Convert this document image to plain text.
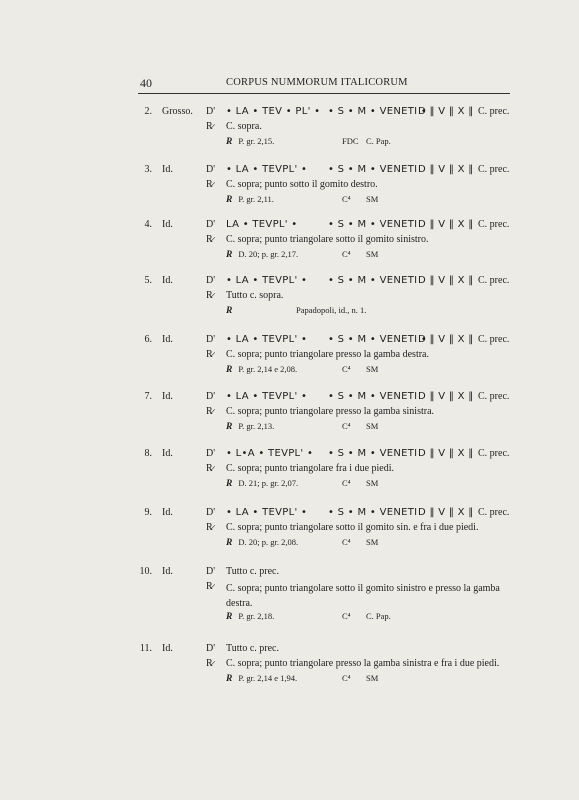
40	CORPUS NUMMORUM ITALICORUM
2. Grosso. D' • LA • TEV • PL' • • S • M • VENETI •D ‖ V ‖ X ‖ C. prec.
R̷ C. sopra.
R P. gr. 2,15.	FDC C. Pap.
3. Id.	D' • LA • TEVPL' • • S • M • VENETID ‖ V ‖ X ‖ C. prec.
R̷ C. sopra; punto sotto il gomito destro.
R P. gr. 2,11.	C⁴ SM
4. Id.	D' LA • TEVPL' •	• S • M • VENETID ‖ V ‖ X ‖ C. prec.
R̷ C. sopra; punto triangolare sotto il gomito sinistro.
R D. 20; p. gr. 2,17.	C⁴ SM
5. Id.	D' • LA • TEVPL' • • S • M • VENETID ‖ V ‖ X ‖ C. prec.
R̷ Tutto c. sopra.
R	Papadopoli, id., n. 1.
6. Id.	D' • LA • TEVPL' • • S • M • VENETI •D ‖ V ‖ X ‖ C. prec.
R̷ C. sopra; punto triangolare presso la gamba destra.
R P. gr. 2,14 e 2,08.	C⁴ SM
7. Id.	D' • LA • TEVPL' • • S • M • VENETID ‖ V ‖ X ‖ C. prec.
R̷ C. sopra; punto triangolare presso la gamba sinistra.
R P. gr. 2,13.	C⁴ SM
8. Id.	D' • L•A • TEVPL' • • S • M • VENETID ‖ V ‖ X ‖ C. prec.
R̷ C. sopra; punto triangolare fra i due piedi.
R D. 21; p. gr. 2,07.	C⁴ SM
9. Id.	D' • LA • TEVPL' • • S • M • VENETID ‖ V ‖ X ‖ C. prec.
R̷ C. sopra; punto triangolare sotto il gomito sin. e fra i due piedi.
R D. 20; p. gr. 2,08.	C⁴ SM
10. Id.	D' Tutto c. prec.
R̷ C. sopra; punto triangolare sotto il gomito sinistro e presso la gamba destra.
R P. gr. 2,18.	C⁴ C. Pap.
11. Id.	D' Tutto c. prec.
R̷ C. sopra; punto triangolare presso la gamba sinistra e fra i due piedi.
R P. gr. 2,14 e 1,94.	C⁴ SM
